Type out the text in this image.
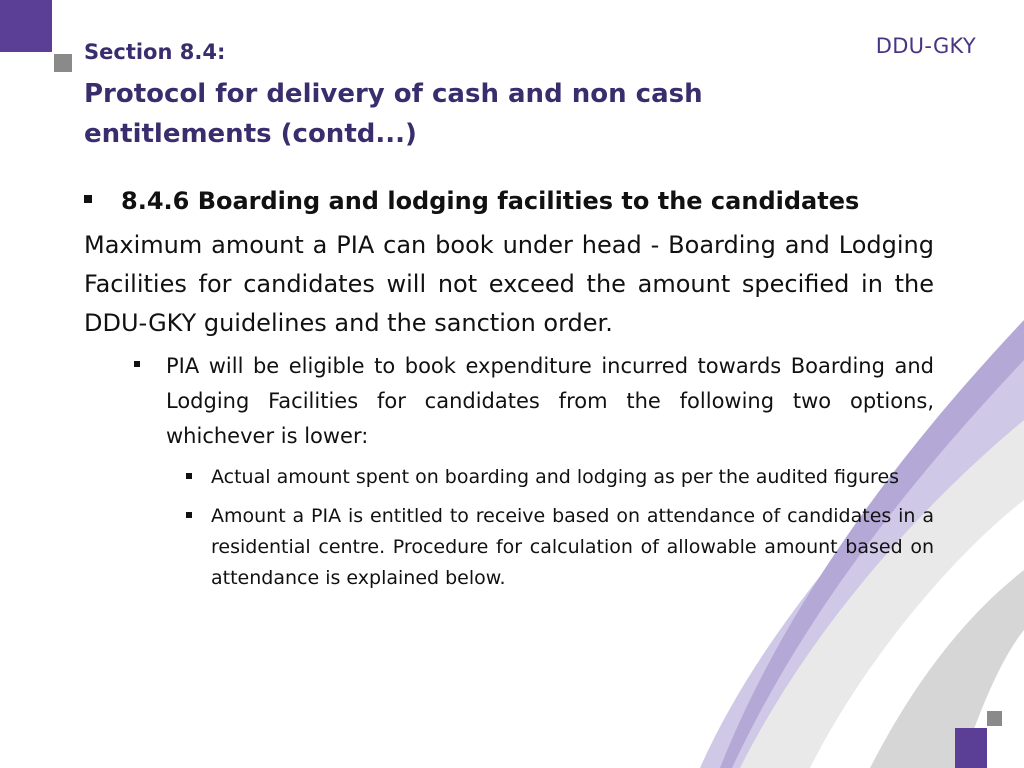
DDU-GKY
Section 8.4:
Protocol for delivery of cash and non cash entitlements (contd...)
8.4.6 Boarding and lodging facilities to the candidates

Maximum amount a PIA can book under head - Boarding and Lodging Facilities for candidates will not exceed the amount specified in the DDU-GKY guidelines and the sanction order.

PIA will be eligible to book expenditure incurred towards Boarding and Lodging Facilities for candidates from the following two options, whichever is lower:
Actual amount spent on boarding and lodging as per the audited figures
Amount a PIA is entitled to receive based on attendance of candidates in a residential centre. Procedure for calculation of allowable amount based on attendance is explained below.
